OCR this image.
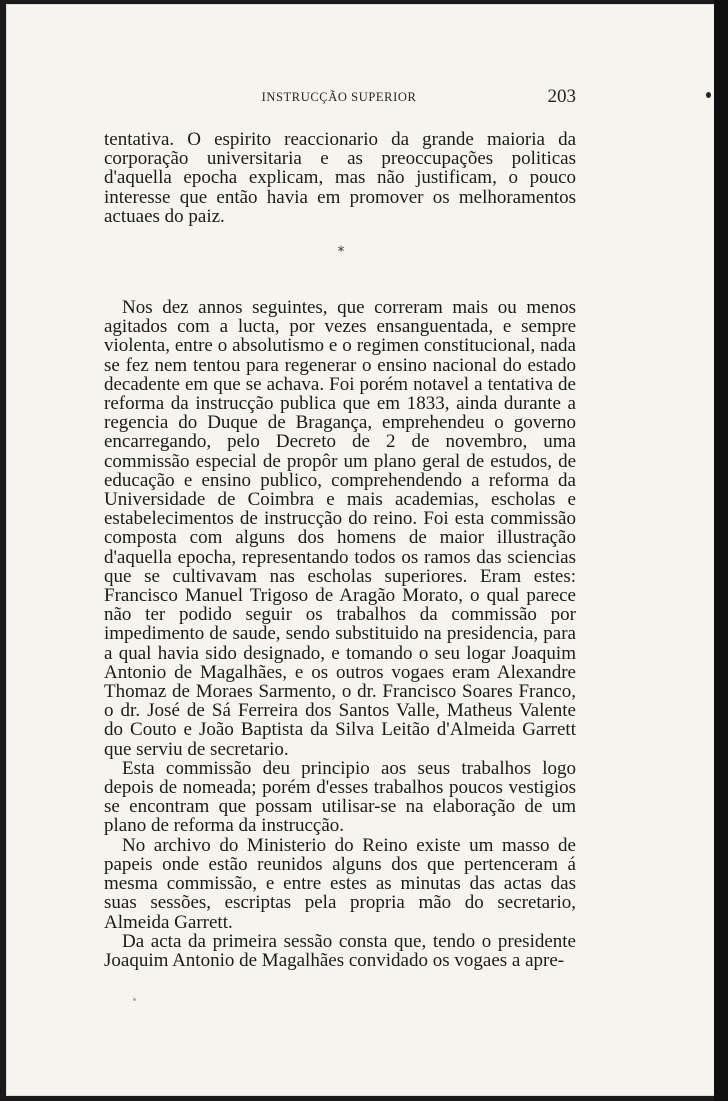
INSTRUCÇÃO SUPERIOR	203

tentativa. O espirito reaccionario da grande maioria da corporação universitaria e as preoccupações politicas d'aquella epocha explicam, mas não justificam, o pouco interesse que então havia em promover os melhoramentos actuaes do paiz.

*

Nos dez annos seguintes, que correram mais ou menos agitados com a lucta, por vezes ensanguentada, e sempre violenta, entre o absolutismo e o regimen constitucional, nada se fez nem tentou para regenerar o ensino nacional do estado decadente em que se achava. Foi porém notavel a tentativa de reforma da instrucção publica que em 1833, ainda durante a regencia do Duque de Bragança, emprehendeu o governo encarregando, pelo Decreto de 2 de novembro, uma commissão especial de propôr um plano geral de estudos, de educação e ensino publico, comprehendendo a reforma da Universidade de Coimbra e mais academias, escholas e estabelecimentos de instrucção do reino. Foi esta commissão composta com alguns dos homens de maior illustração d'aquella epocha, representando todos os ramos das sciencias que se cultivavam nas escholas superiores. Eram estes: Francisco Manuel Trigoso de Aragão Morato, o qual parece não ter podido seguir os trabalhos da commissão por impedimento de saude, sendo substituido na presidencia, para a qual havia sido designado, e tomando o seu logar Joaquim Antonio de Magalhães, e os outros vogaes eram Alexandre Thomaz de Moraes Sarmento, o dr. Francisco Soares Franco, o dr. José de Sá Ferreira dos Santos Valle, Matheus Valente do Couto e João Baptista da Silva Leitão d'Almeida Garrett que serviu de secretario.

Esta commissão deu principio aos seus trabalhos logo depois de nomeada; porém d'esses trabalhos poucos vestigios se encontram que possam utilisar-se na elaboração de um plano de reforma da instrucção.

No archivo do Ministerio do Reino existe um masso de papeis onde estão reunidos alguns dos que pertenceram á mesma commissão, e entre estes as minutas das actas das suas sessões, escriptas pela propria mão do secretario, Almeida Garrett.

Da acta da primeira sessão consta que, tendo o presidente Joaquim Antonio de Magalhães convidado os vogaes a apre-
